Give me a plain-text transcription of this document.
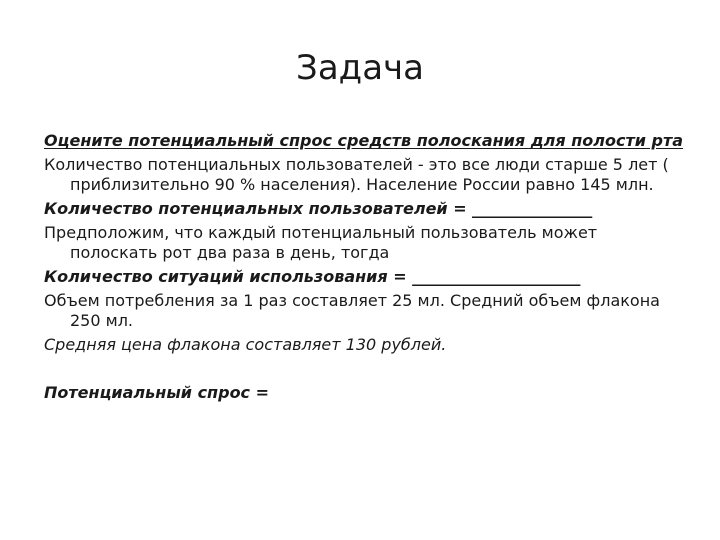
Задача

Оцените потенциальный спрос средств полоскания для полости рта

Количество потенциальных пользователей - это все люди старше 5 лет ( приблизительно 90 % населения). Население России равно 145 млн.

Количество потенциальных пользователей = _______________

Предположим, что каждый потенциальный пользователь может полоскать рот два раза в день, тогда

Количество ситуаций использования = _____________________

Объем потребления за 1 раз составляет 25 мл. Средний объем флакона 250 мл.

Средняя цена флакона составляет 130 рублей.

Потенциальный спрос =
